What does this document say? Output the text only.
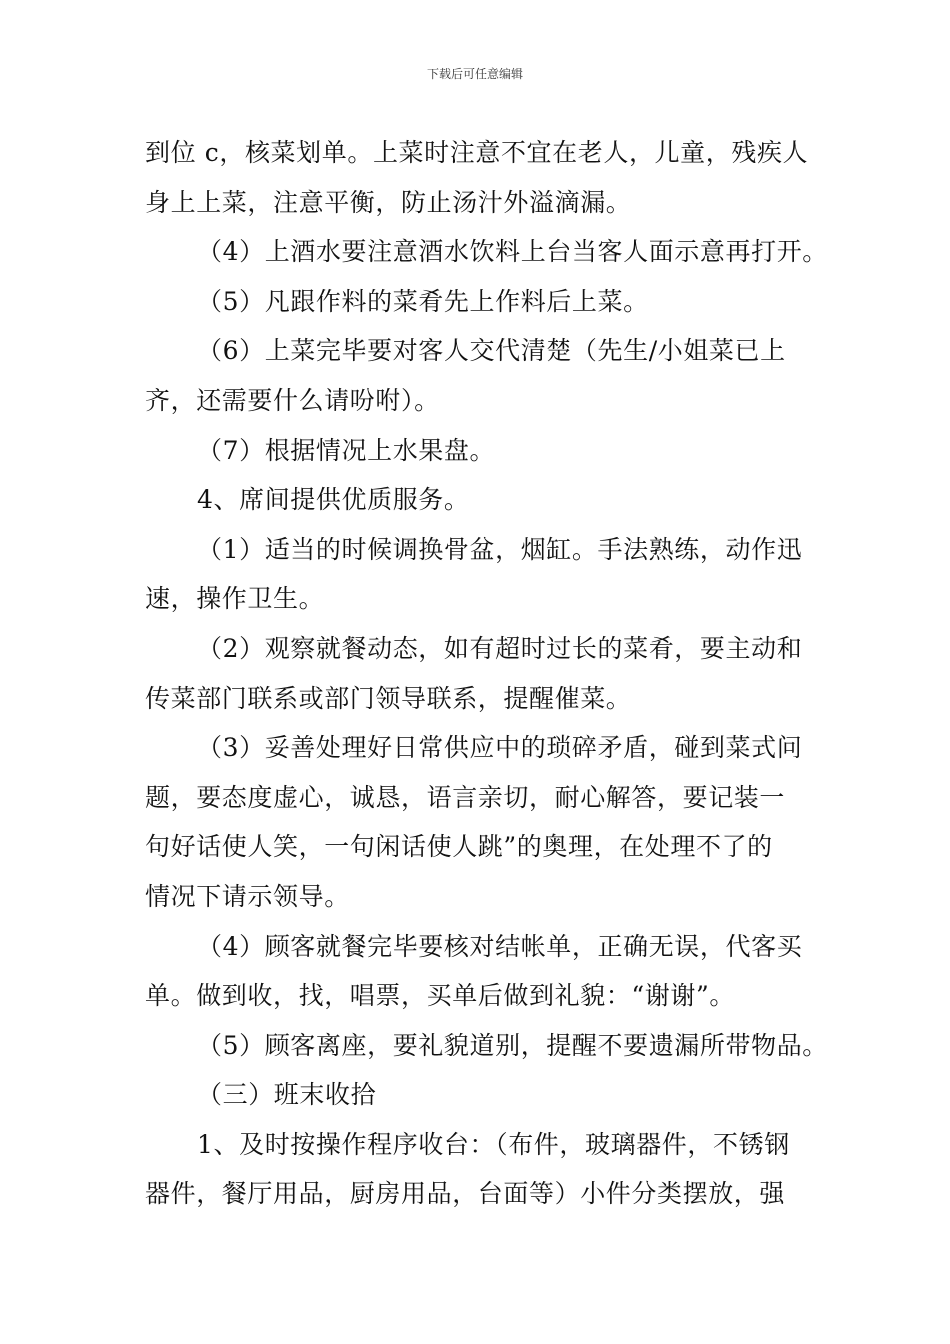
下载后可任意编辑

到位 c，核菜划单。上菜时注意不宜在老人，儿童，残疾人

身上上菜，注意平衡，防止汤汁外溢滴漏。

（4）上酒水要注意酒水饮料上台当客人面示意再打开。

（5）凡跟作料的菜肴先上作料后上菜。

（6）上菜完毕要对客人交代清楚（先生/小姐菜已上

齐，还需要什么请吩咐）。

（7）根据情况上水果盘。

4、席间提供优质服务。

（1）适当的时候调换骨盆，烟缸。手法熟练，动作迅

速，操作卫生。

（2）观察就餐动态，如有超时过长的菜肴，要主动和

传菜部门联系或部门领导联系，提醒催菜。

（3）妥善处理好日常供应中的琐碎矛盾，碰到菜式问

题，要态度虚心，诚恳，语言亲切，耐心解答，要记装一

句好话使人笑，一句闲话使人跳”的奥理，在处理不了的

情况下请示领导。

（4）顾客就餐完毕要核对结帐单，正确无误，代客买

单。做到收，找，唱票，买单后做到礼貌：“谢谢”。

（5）顾客离座，要礼貌道别，提醒不要遗漏所带物品。

（三）班末收拾

1、及时按操作程序收台：（布件，玻璃器件，不锈钢

器件，餐厅用品，厨房用品，台面等）小件分类摆放，强
